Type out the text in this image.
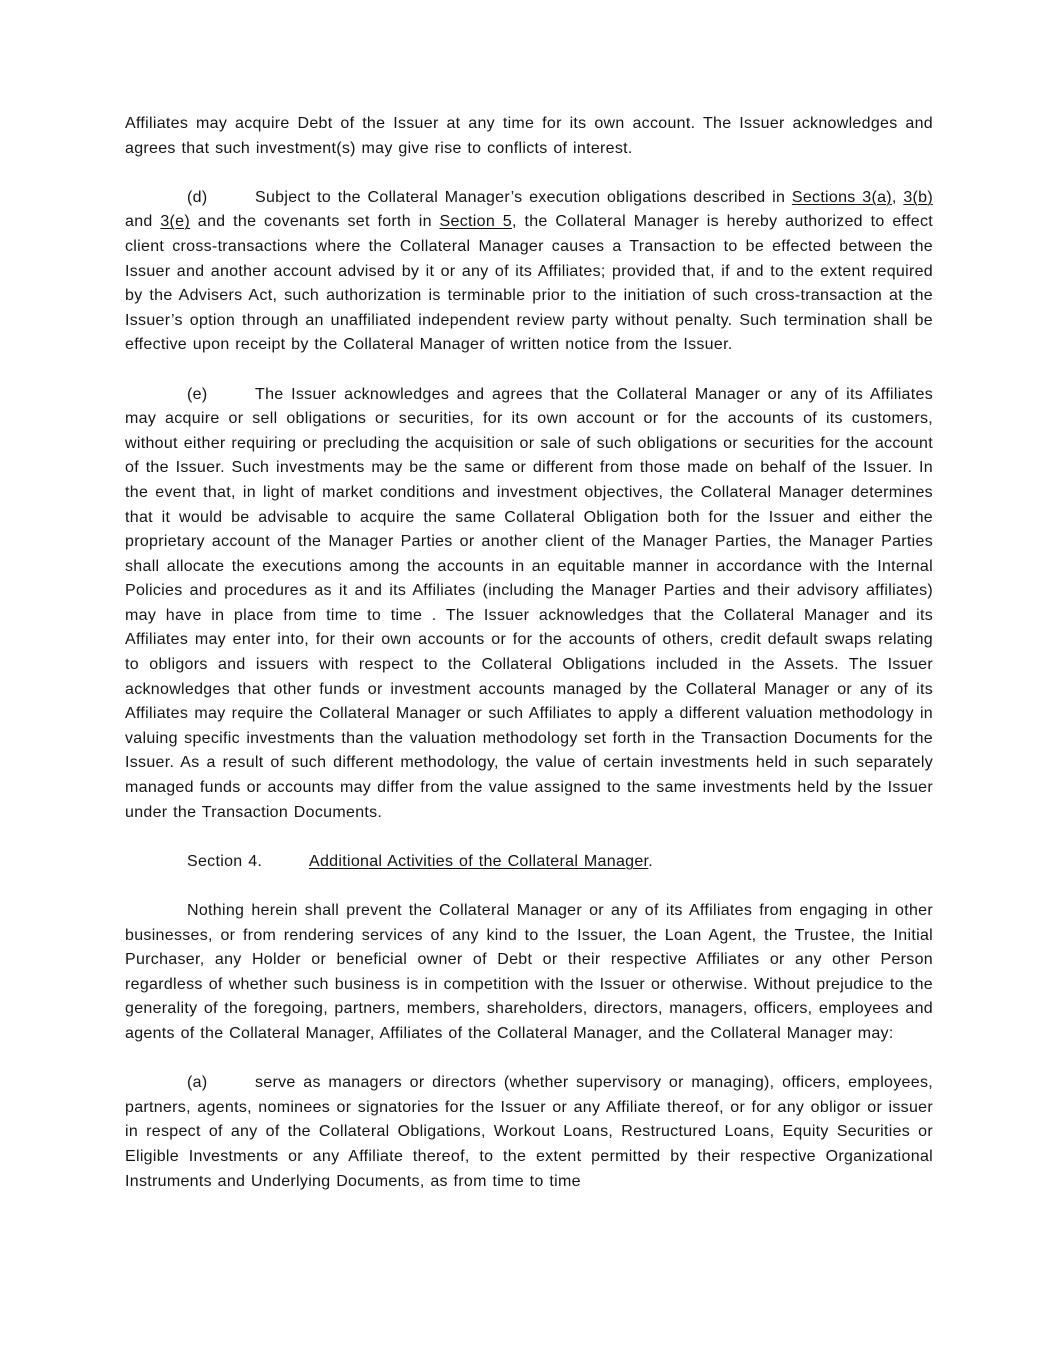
Affiliates may acquire Debt of the Issuer at any time for its own account. The Issuer acknowledges and agrees that such investment(s) may give rise to conflicts of interest.

(d)	Subject to the Collateral Manager’s execution obligations described in Sections 3(a), 3(b) and 3(e) and the covenants set forth in Section 5, the Collateral Manager is hereby authorized to effect client cross-transactions where the Collateral Manager causes a Transaction to be effected between the Issuer and another account advised by it or any of its Affiliates; provided that, if and to the extent required by the Advisers Act, such authorization is terminable prior to the initiation of such cross-transaction at the Issuer’s option through an unaffiliated independent review party without penalty. Such termination shall be effective upon receipt by the Collateral Manager of written notice from the Issuer.

(e)	The Issuer acknowledges and agrees that the Collateral Manager or any of its Affiliates may acquire or sell obligations or securities, for its own account or for the accounts of its customers, without either requiring or precluding the acquisition or sale of such obligations or securities for the account of the Issuer. Such investments may be the same or different from those made on behalf of the Issuer. In the event that, in light of market conditions and investment objectives, the Collateral Manager determines that it would be advisable to acquire the same Collateral Obligation both for the Issuer and either the proprietary account of the Manager Parties or another client of the Manager Parties, the Manager Parties shall allocate the executions among the accounts in an equitable manner in accordance with the Internal Policies and procedures as it and its Affiliates (including the Manager Parties and their advisory affiliates) may have in place from time to time . The Issuer acknowledges that the Collateral Manager and its Affiliates may enter into, for their own accounts or for the accounts of others, credit default swaps relating to obligors and issuers with respect to the Collateral Obligations included in the Assets. The Issuer acknowledges that other funds or investment accounts managed by the Collateral Manager or any of its Affiliates may require the Collateral Manager or such Affiliates to apply a different valuation methodology in valuing specific investments than the valuation methodology set forth in the Transaction Documents for the Issuer. As a result of such different methodology, the value of certain investments held in such separately managed funds or accounts may differ from the value assigned to the same investments held by the Issuer under the Transaction Documents.

Section 4.	Additional Activities of the Collateral Manager.

Nothing herein shall prevent the Collateral Manager or any of its Affiliates from engaging in other businesses, or from rendering services of any kind to the Issuer, the Loan Agent, the Trustee, the Initial Purchaser, any Holder or beneficial owner of Debt or their respective Affiliates or any other Person regardless of whether such business is in competition with the Issuer or otherwise. Without prejudice to the generality of the foregoing, partners, members, shareholders, directors, managers, officers, employees and agents of the Collateral Manager, Affiliates of the Collateral Manager, and the Collateral Manager may:

(a)	serve as managers or directors (whether supervisory or managing), officers, employees, partners, agents, nominees or signatories for the Issuer or any Affiliate thereof, or for any obligor or issuer in respect of any of the Collateral Obligations, Workout Loans, Restructured Loans, Equity Securities or Eligible Investments or any Affiliate thereof, to the extent permitted by their respective Organizational Instruments and Underlying Documents, as from time to time
